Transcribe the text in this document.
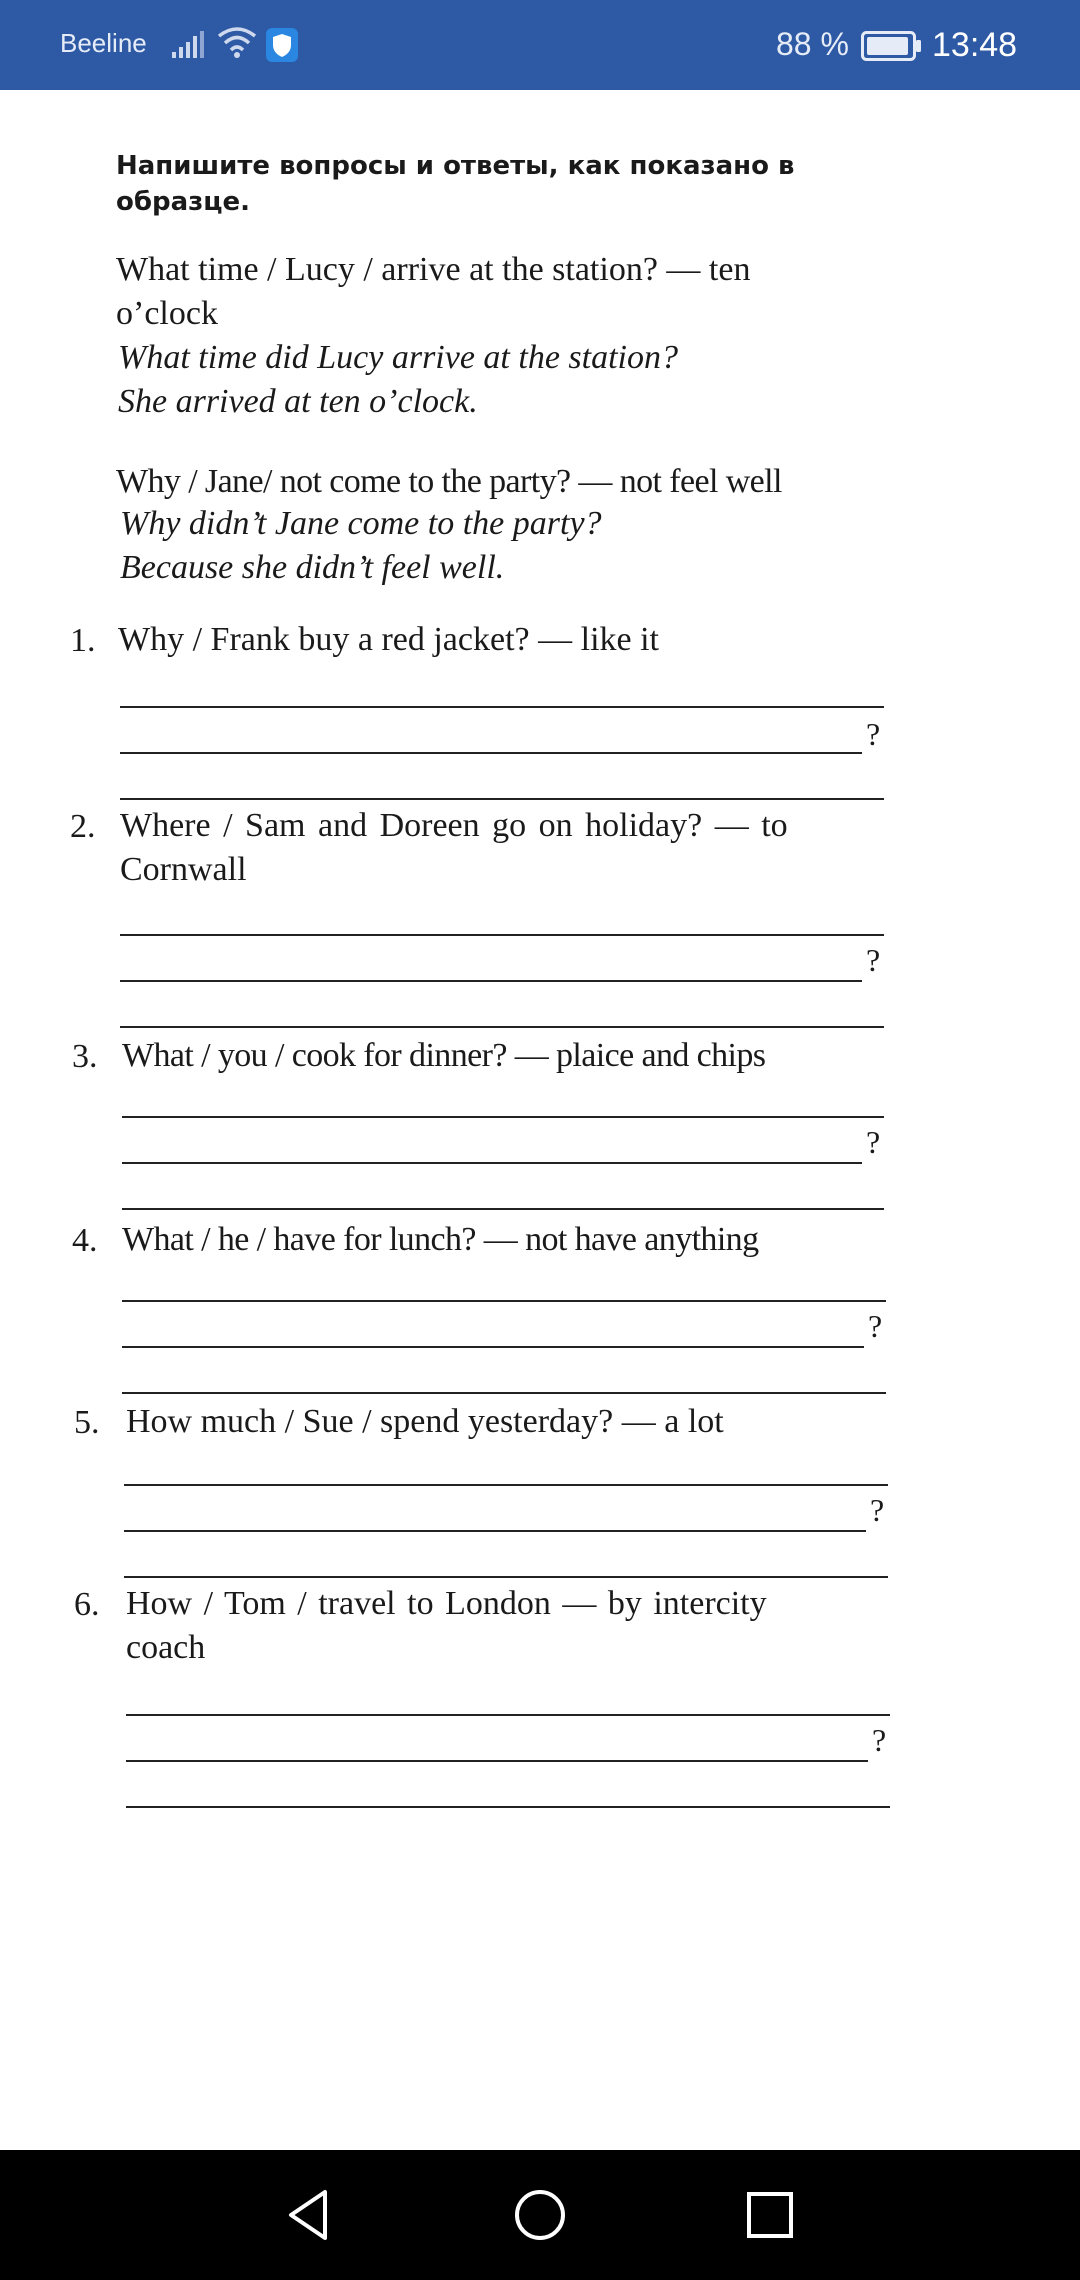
Beeline	88 % 13:48
Напишите вопросы и ответы, как показано в
образце.
What time / Lucy / arrive at the station? — ten
o’clock
What time did Lucy arrive at the station?
She arrived at ten o’clock.
Why / Jane/ not come to the party? — not feel well
Why didn’t Jane come to the party?
Because she didn’t feel well.
1. Why / Frank buy a red jacket? — like it
?
2. Where / Sam and Doreen go on holiday? — to
Cornwall
?
3. What / you / cook for dinner? — plaice and chips
?
4. What / he / have for lunch? — not have anything
?
5. How much / Sue / spend yesterday? — a lot
?
6. How / Tom / travel to London — by intercity
coach
?
